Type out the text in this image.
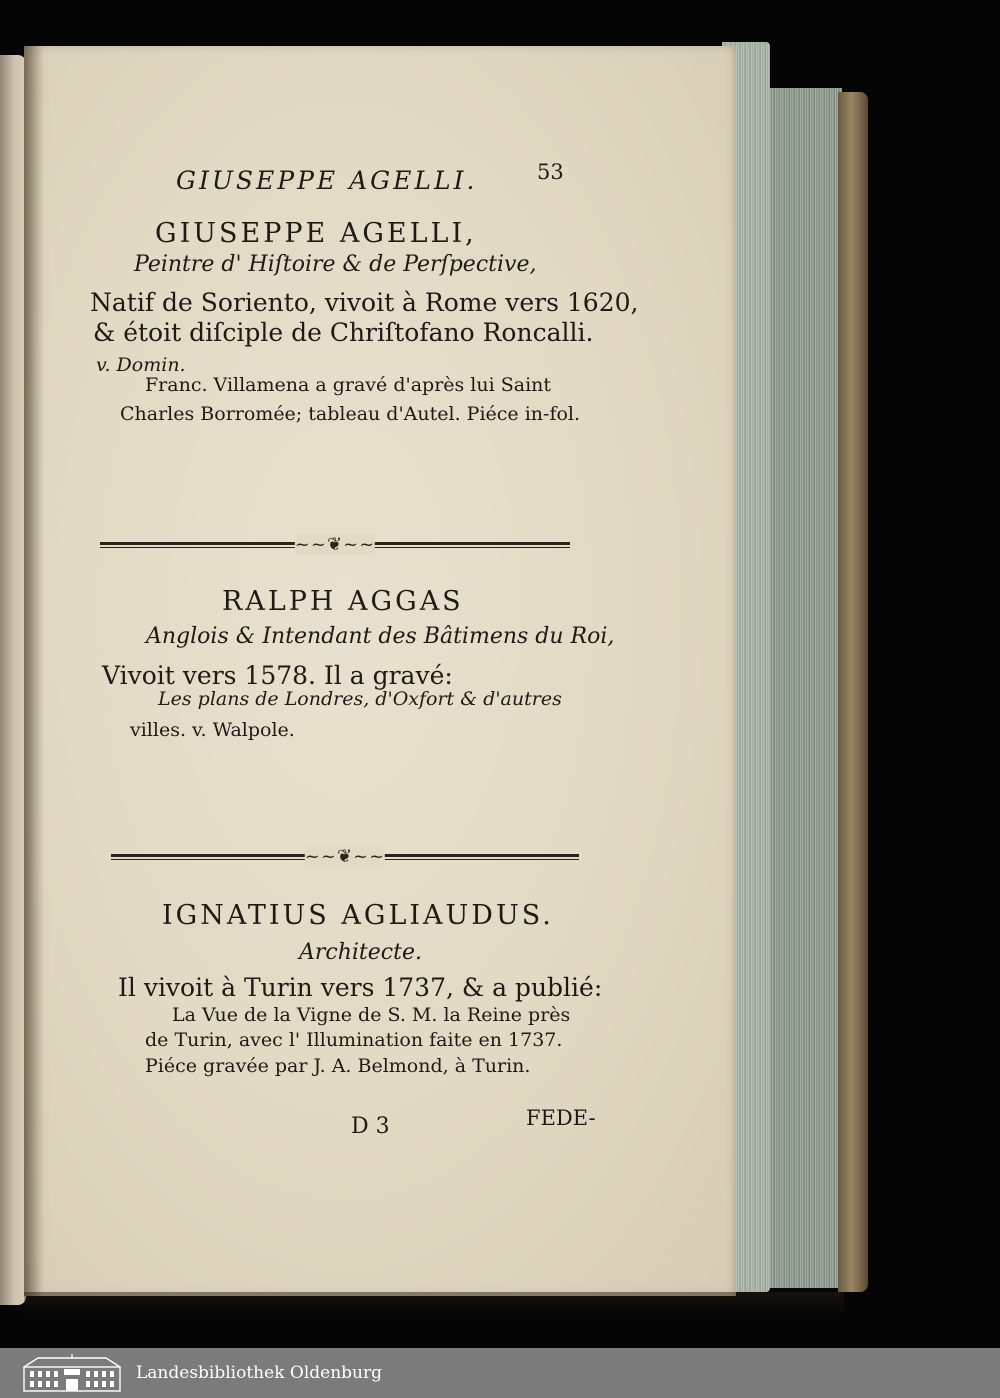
GIUSEPPE AGELLI.	53
GIUSEPPE AGELLI,
Peintre d' Hiſtoire & de Perſpective,
Natif de Soriento, vivoit à Rome vers 1620,
& étoit diſciple de Chriſtofano Roncalli.
v. Domin.
Franc. Villamena a gravé d'après lui Saint
Charles Borromée; tableau d'Autel. Piéce in-fol.
~~❦~~
RALPH AGGAS
Anglois & Intendant des Bâtimens du Roi,
Vivoit vers 1578. Il a gravé:
Les plans de Londres, d'Oxfort & d'autres
villes. v. Walpole.
~~❦~~
IGNATIUS AGLIAUDUS.
Architecte.
Il vivoit à Turin vers 1737, & a publié:
La Vue de la Vigne de S. M. la Reine près
de Turin, avec l' Illumination faite en 1737.
Piéce gravée par J. A. Belmond, à Turin.
D 3	FEDE-
Landesbibliothek Oldenburg
